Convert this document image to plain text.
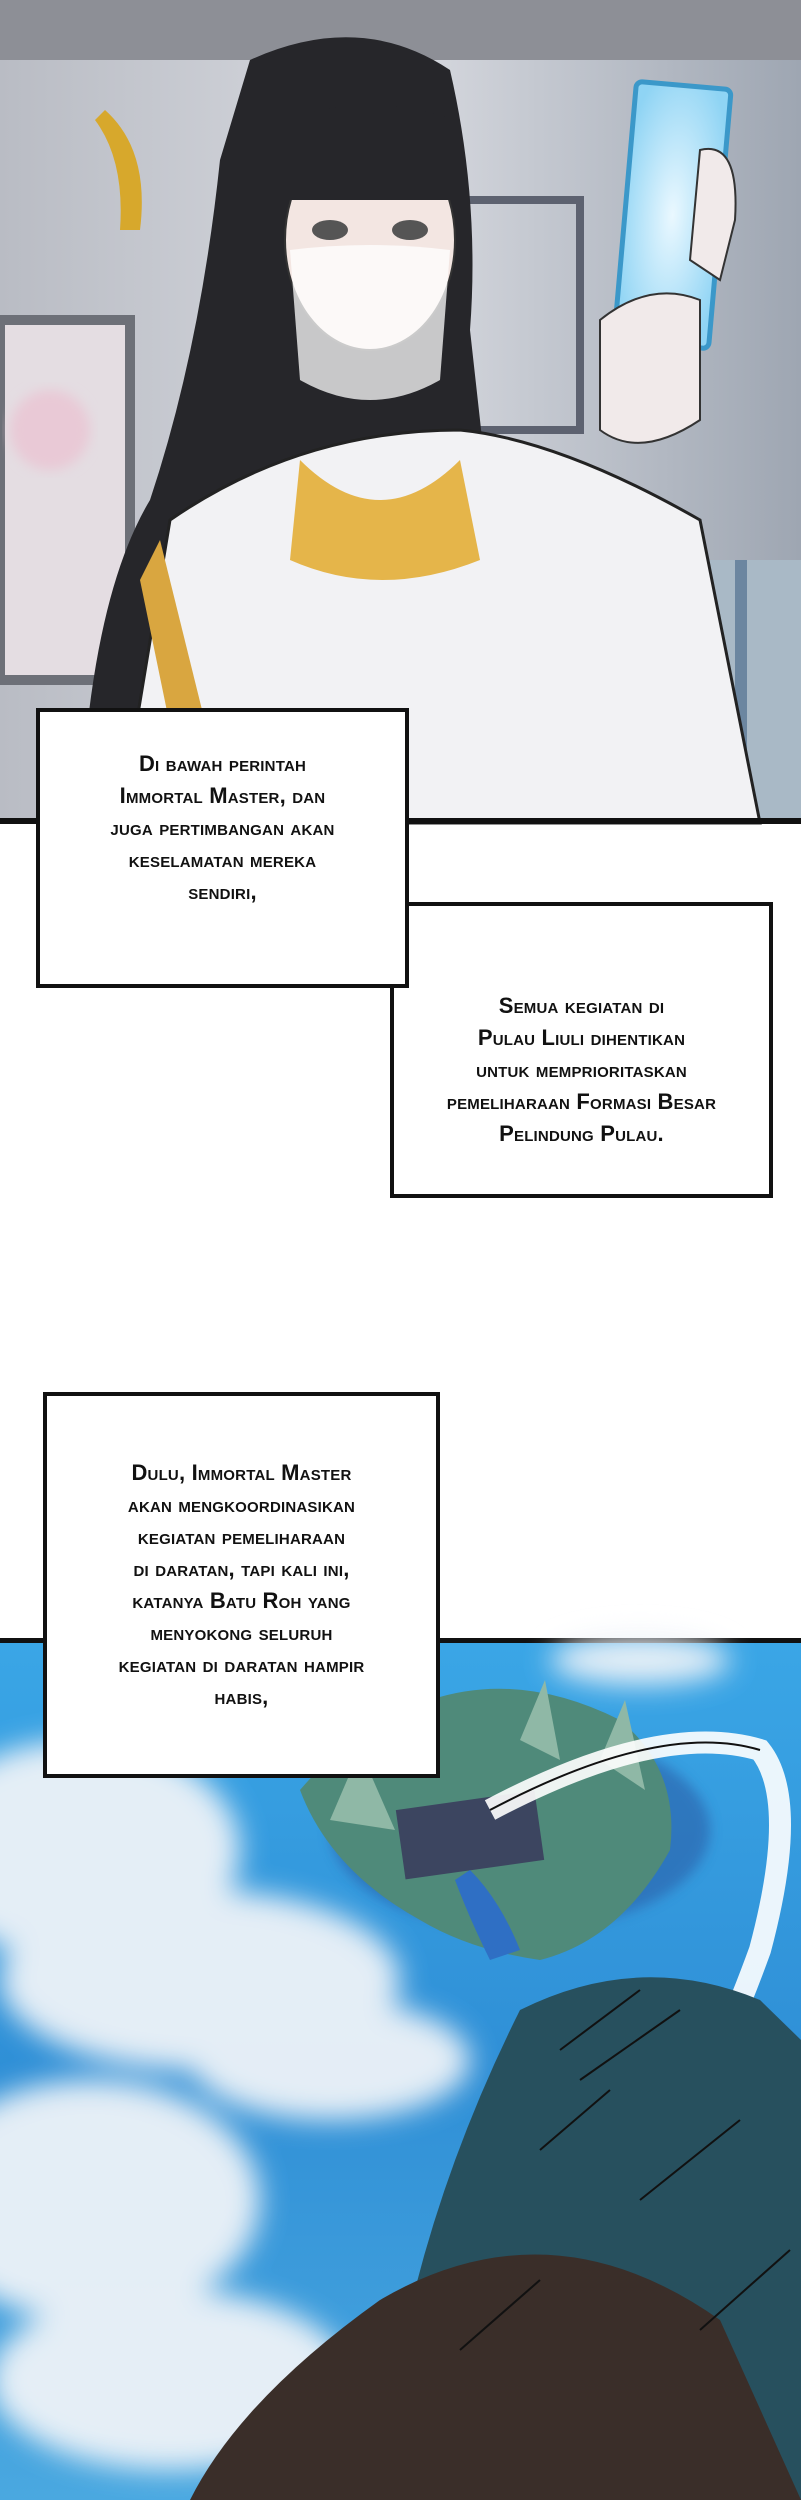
Di bawah perintah
Immortal Master, dan
juga pertimbangan akan
keselamatan mereka
sendiri,
Semua kegiatan di
Pulau Liuli dihentikan
untuk memprioritaskan
pemeliharaan Formasi Besar
Pelindung Pulau.
Dulu, Immortal Master
akan mengkoordinasikan
kegiatan pemeliharaan
di daratan, tapi kali ini,
katanya Batu Roh yang
menyokong seluruh
kegiatan di daratan hampir
habis,
